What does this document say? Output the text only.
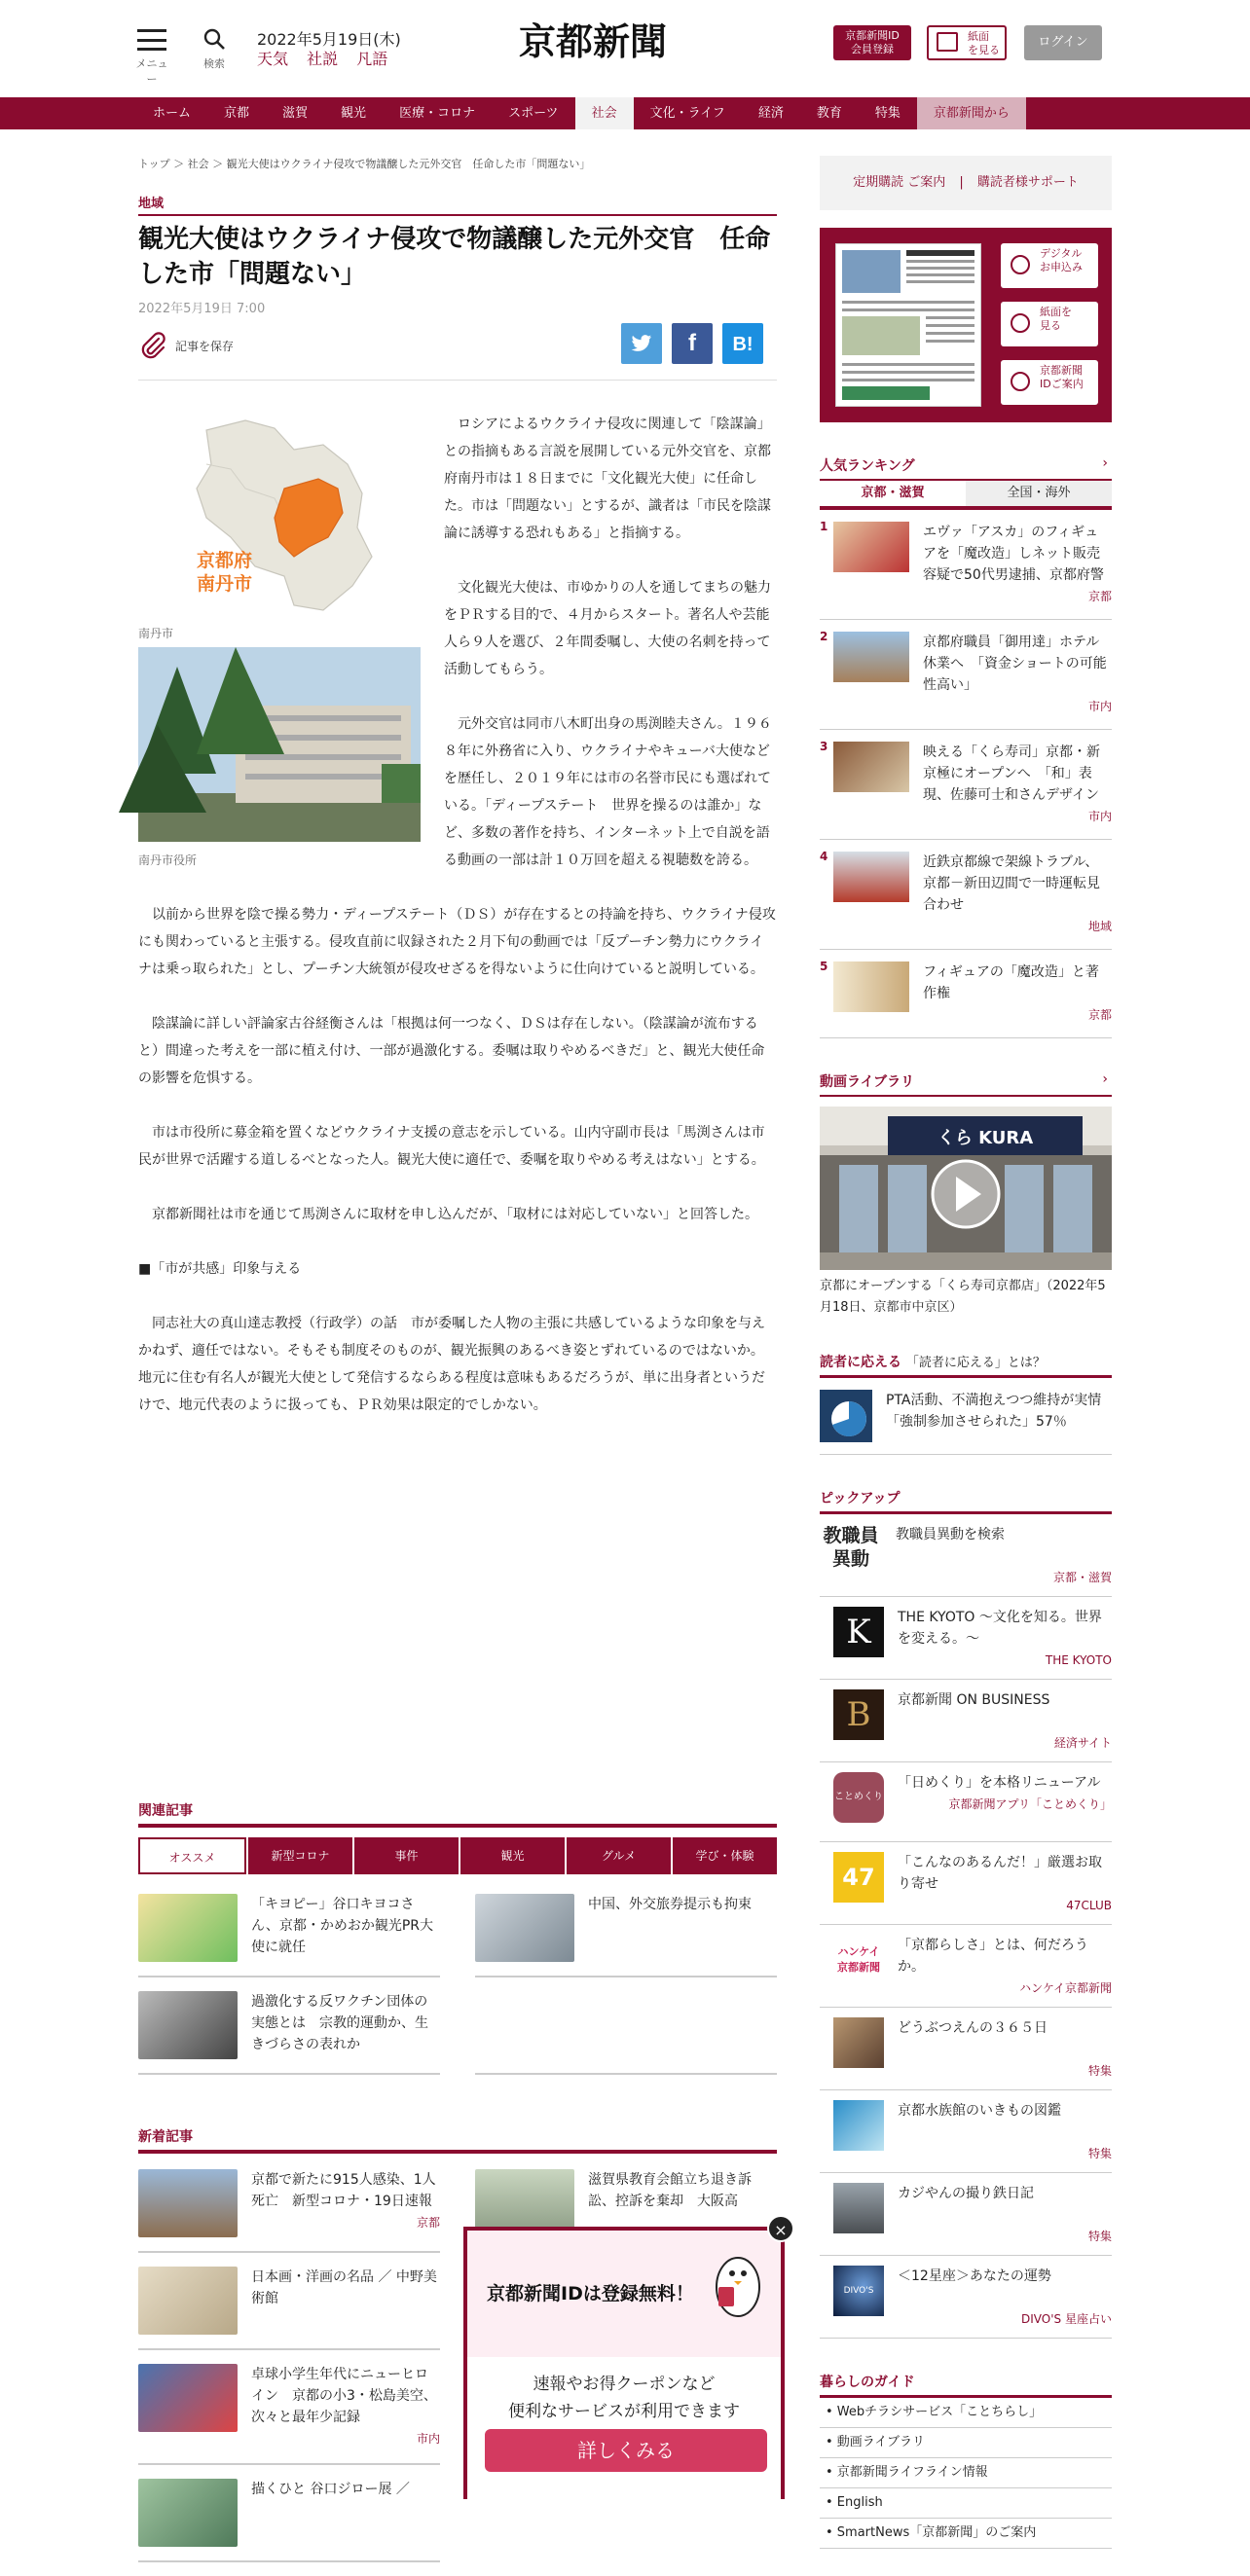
メニュー
検索
2022年5月19日(木)
天気 社説 凡語	京都新聞	京都新聞ID
会員登録
紙面
を見る
ログイン
ホーム	京都	滋賀	観光	医療・コロナ	スポーツ	社会	文化・ライフ	経済	教育	特集	京都新聞から
トップ ＞ 社会 ＞ 観光大使はウクライナ侵攻で物議醸した元外交官　任命した市「問題ない」
地域
観光大使はウクライナ侵攻で物議醸した元外交官　任命した市「問題ない」
2022年5月19日 7:00
記事を保存	f	B!
京都府
南丹市
南丹市
南丹市役所

　ロシアによるウクライナ侵攻に関連して「陰謀論」との指摘もある言説を展開している元外交官を、京都府南丹市は１８日までに「文化観光大使」に任命した。市は「問題ない」とするが、識者は「市民を陰謀論に誘導する恐れもある」と指摘する。

　文化観光大使は、市ゆかりの人を通してまちの魅力をＰＲする目的で、４月からスタート。著名人や芸能人ら９人を選び、２年間委嘱し、大使の名刺を持って活動してもらう。

　元外交官は同市八木町出身の馬渕睦夫さん。１９６８年に外務省に入り、ウクライナやキューバ大使などを歴任し、２０１９年には市の名誉市民にも選ばれている。「ディープステート　世界を操るのは誰か」など、多数の著作を持ち、インターネット上で自説を語る動画の一部は計１０万回を超える視聴数を誇る。

　以前から世界を陰で操る勢力・ディープステート（ＤＳ）が存在するとの持論を持ち、ウクライナ侵攻にも関わっていると主張する。侵攻直前に収録された２月下旬の動画では「反プーチン勢力にウクライナは乗っ取られた」とし、プーチン大統領が侵攻せざるを得ないように仕向けていると説明している。

　陰謀論に詳しい評論家古谷経衡さんは「根拠は何一つなく、ＤＳは存在しない。（陰謀論が流布すると）間違った考えを一部に植え付け、一部が過激化する。委嘱は取りやめるべきだ」と、観光大使任命の影響を危惧する。

　市は市役所に募金箱を置くなどウクライナ支援の意志を示している。山内守副市長は「馬渕さんは市民が世界で活躍する道しるべとなった人。観光大使に適任で、委嘱を取りやめる考えはない」とする。

　京都新聞社は市を通じて馬渕さんに取材を申し込んだが、「取材には対応していない」と回答した。

■「市が共感」印象与える

　同志社大の真山達志教授（行政学）の話　市が委嘱した人物の主張に共感しているような印象を与えかねず、適任ではない。そもそも制度そのものが、観光振興のあるべき姿とずれているのではないか。地元に住む有名人が観光大使として発信するならある程度は意味もあるだろうが、単に出身者というだけで、地元代表のように扱っても、ＰＲ効果は限定的でしかない。

関連記事
オススメ	新型コロナ	事件	観光	グルメ	学び・体験
「キヨピー」谷口キヨコさん、京都・かめおか観光PR大使に就任
中国、外交旅券提示も拘束
過激化する反ワクチン団体の実態とは　宗教的運動か、生きづらさの表れか
新着記事
京都で新たに915人感染、1人死亡　新型コロナ・19日速報
京都
滋賀県教育会館立ち退き訴訟、控訴を棄却　大阪高
日本画・洋画の名品 ／ 中野美術館
卓球小学生年代にニューヒロイン　京都の小3・松島美空、次々と最年少記録
市内
描くひと 谷口ジロー展 ／
定期購読 ご案内 | 購読者様サポート
デジタル
お申込み
紙面を
見る
京都新聞
IDご案内
人気ランキング	›
京都・滋賀	全国・海外
1	エヴァ「アスカ」のフィギュアを「魔改造」しネット販売　容疑で50代男逮捕、京都府警
京都
2	京都府職員「御用達」ホテル休業へ　「資金ショートの可能性高い」
市内
3	映える「くら寿司」京都・新京極にオープンへ　「和」表現、佐藤可士和さんデザイン
市内
4	近鉄京都線で架線トラブル、京都－新田辺間で一時運転見合わせ
地域
5	フィギュアの「魔改造」と著作権
京都
動画ライブラリ	›
くら KURA
京都にオープンする「くら寿司京都店」（2022年5月18日、京都市中京区）
読者に応える 「読者に応える」とは？
PTA活動、不満抱えつつ維持が実情　「強制参加させられた」57％
ピックアップ
教職員異動
教職員異動を検索

京都・滋賀
K	THE KYOTO ～文化を知る。世界を変える。～
THE KYOTO
B	京都新聞 ON BUSINESS

経済サイト
ことめくり
「日めくり」を本格リニューアル
京都新聞アプリ「ことめくり」
47
「こんなのあるんだ！」厳選お取り寄せ
47CLUB
ハンケイ 京都新聞
「京都らしさ」とは、何だろうか。
ハンケイ京都新聞
どうぶつえんの３６５日

特集
京都水族館のいきもの図鑑

特集
カジやんの撮り鉄日記

特集
DIVO'S
＜12星座＞あなたの運勢

DIVO'S 星座占い
暮らしのガイド
• Webチラシサービス「ことちらし」
• 動画ライブラリ
• 京都新聞ライフライン情報
• English
• SmartNews「京都新聞」のご案内
京都新聞IDは登録無料！
速報やお得クーポンなど
便利なサービスが利用できます
詳しくみる
×
